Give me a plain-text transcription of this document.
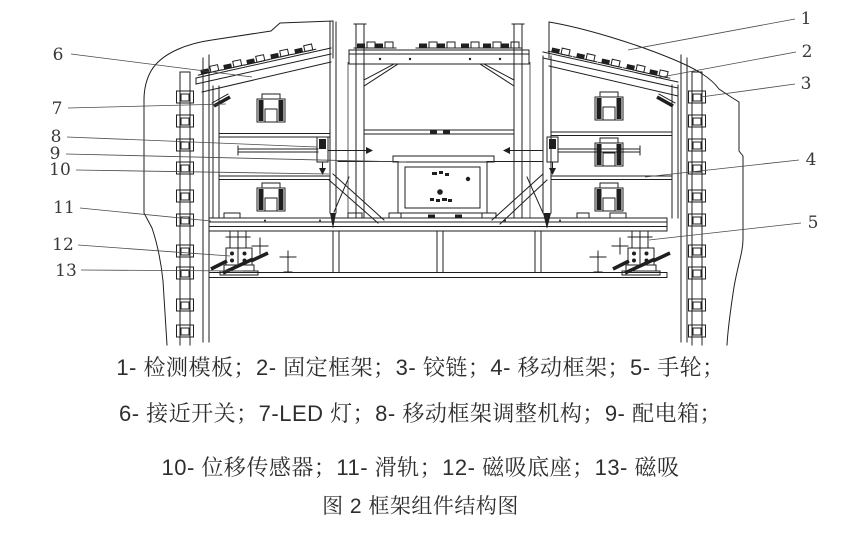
1
2
3
4
5
6
7
8
9
10
11
12
13
1- 检测模板；2- 固定框架；3- 铰链；4- 移动框架；5- 手轮；
6- 接近开关；7-LED 灯；8- 移动框架调整机构；9- 配电箱；
10- 位移传感器；11- 滑轨；12- 磁吸底座；13- 磁吸
图 2 框架组件结构图
